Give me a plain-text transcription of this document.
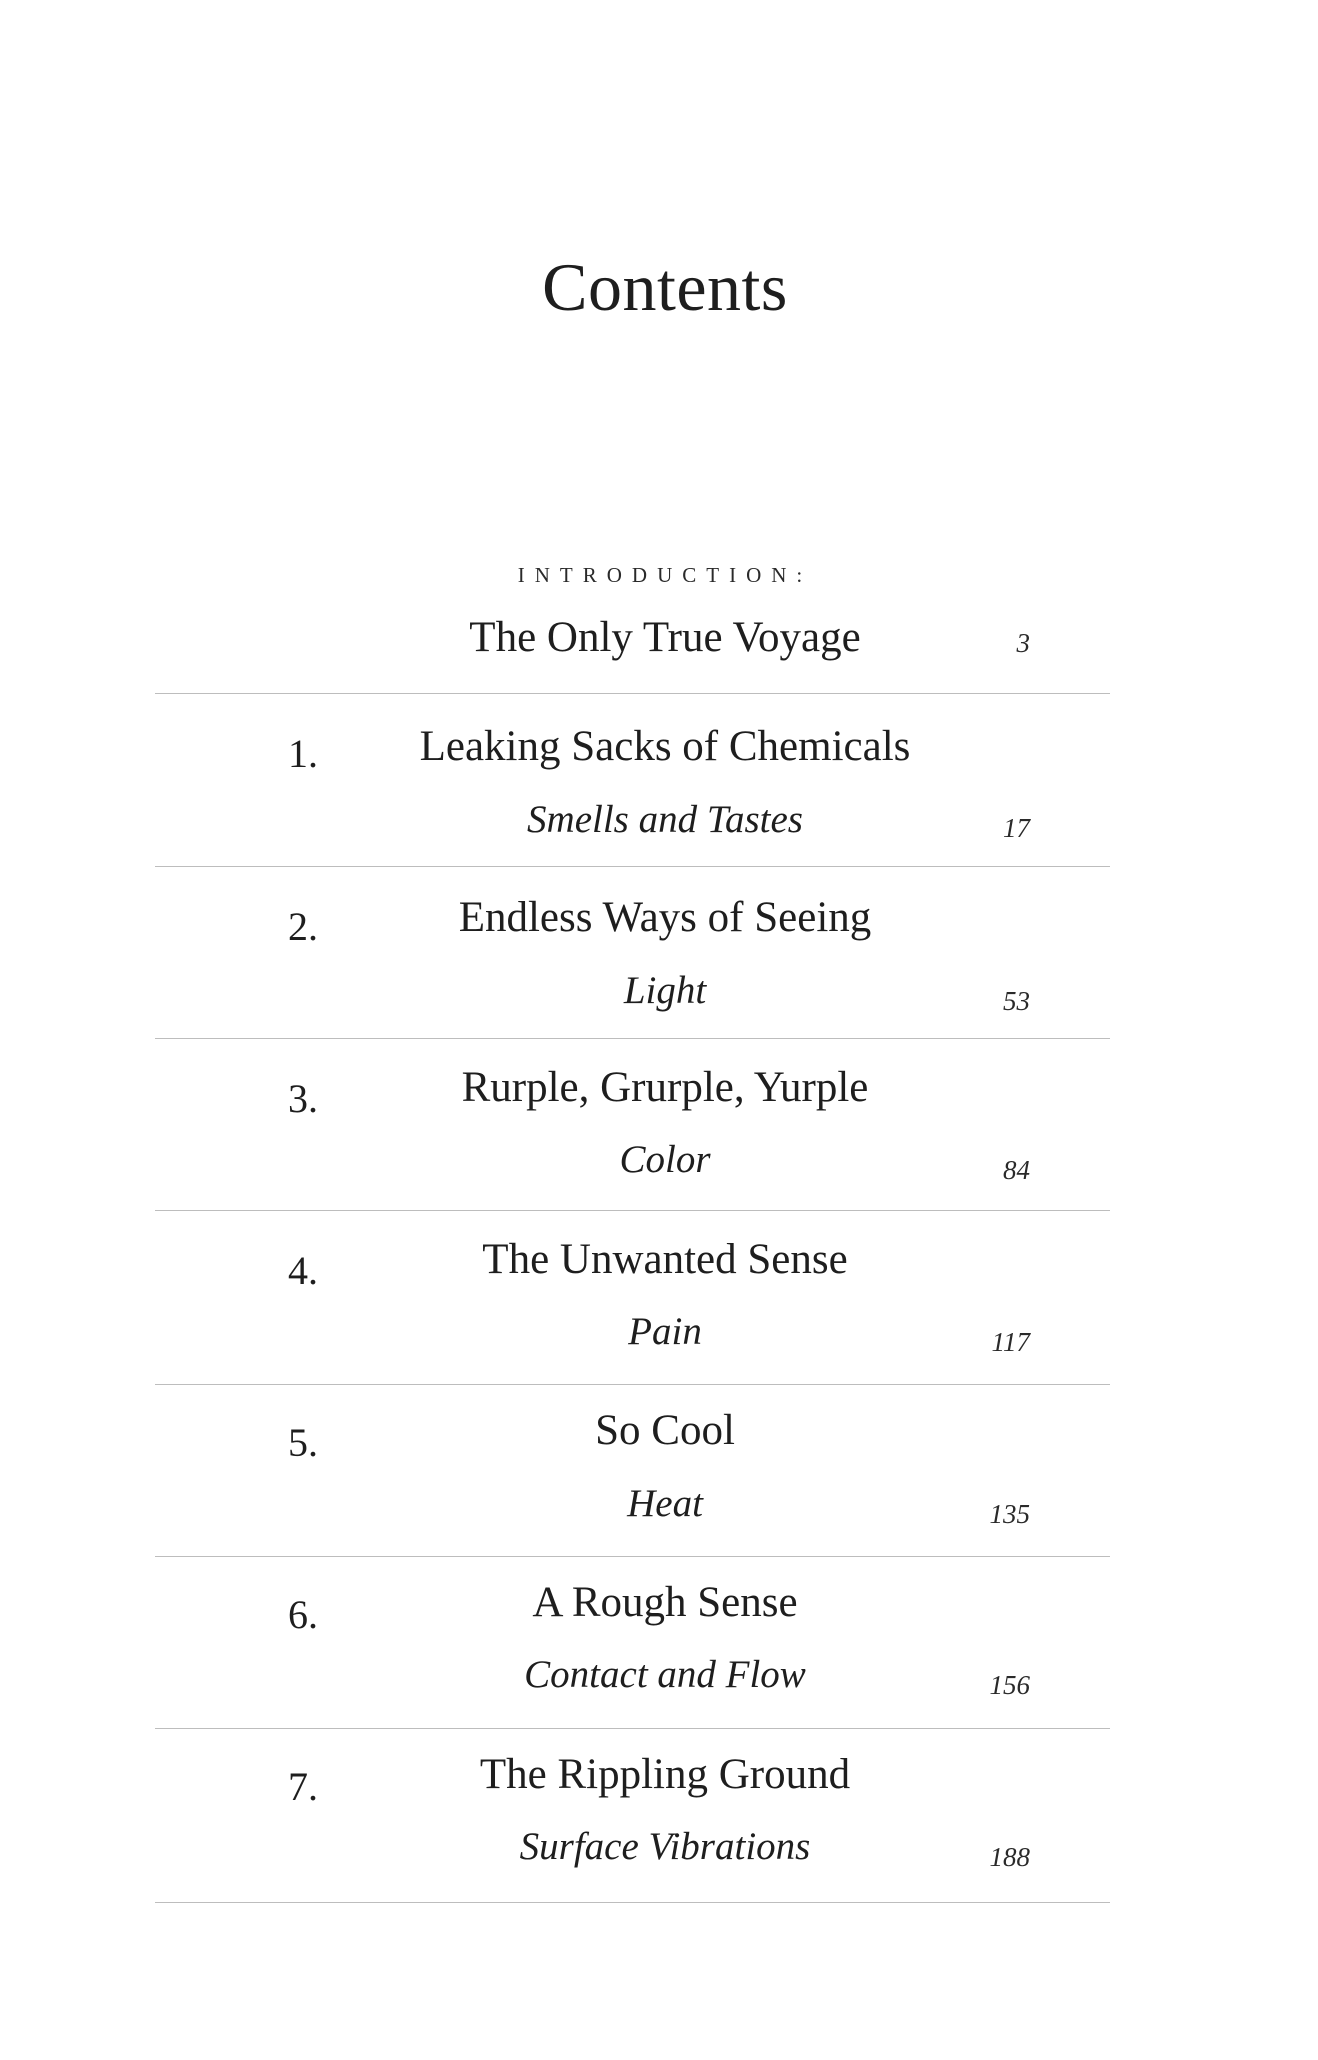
Contents
INTRODUCTION:
The Only True Voyage	3
1.	Leaking Sacks of Chemicals
Smells and Tastes	17
2.	Endless Ways of Seeing
Light	53
3.	Rurple, Grurple, Yurple
Color	84
4.	The Unwanted Sense
Pain	117
5.	So Cool
Heat	135
6.	A Rough Sense
Contact and Flow	156
7.	The Rippling Ground
Surface Vibrations	188
